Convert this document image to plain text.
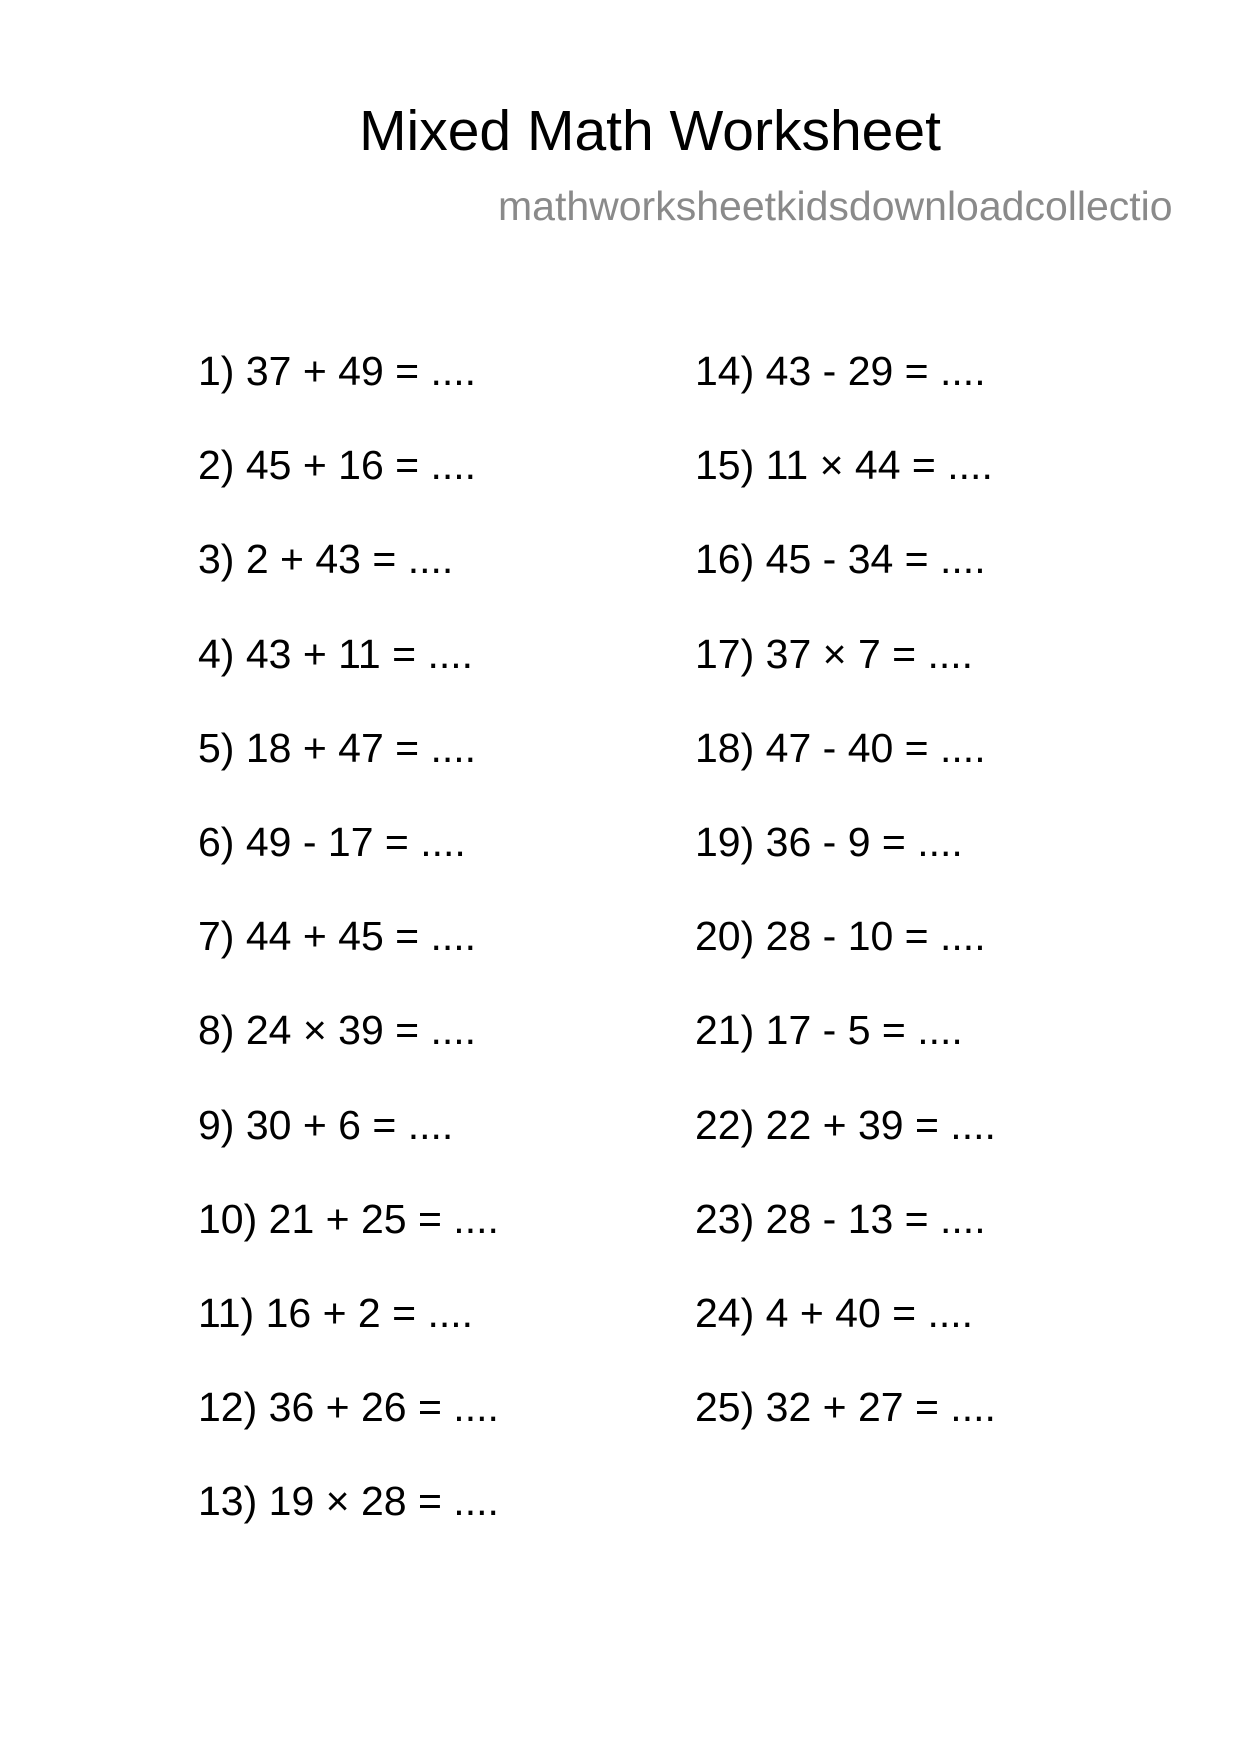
Mixed Math Worksheet
mathworksheetkidsdownloadcollectio
1) 37 + 49 = ....
2) 45 + 16 = ....
3) 2 + 43 = ....
4) 43 + 11 = ....
5) 18 + 47 = ....
6) 49 - 17 = ....
7) 44 + 45 = ....
8) 24 × 39 = ....
9) 30 + 6 = ....
10) 21 + 25 = ....
11) 16 + 2 = ....
12) 36 + 26 = ....
13) 19 × 28 = ....
14) 43 - 29 = ....
15) 11 × 44 = ....
16) 45 - 34 = ....
17) 37 × 7 = ....
18) 47 - 40 = ....
19) 36 - 9 = ....
20) 28 - 10 = ....
21) 17 - 5 = ....
22) 22 + 39 = ....
23) 28 - 13 = ....
24) 4 + 40 = ....
25) 32 + 27 = ....
